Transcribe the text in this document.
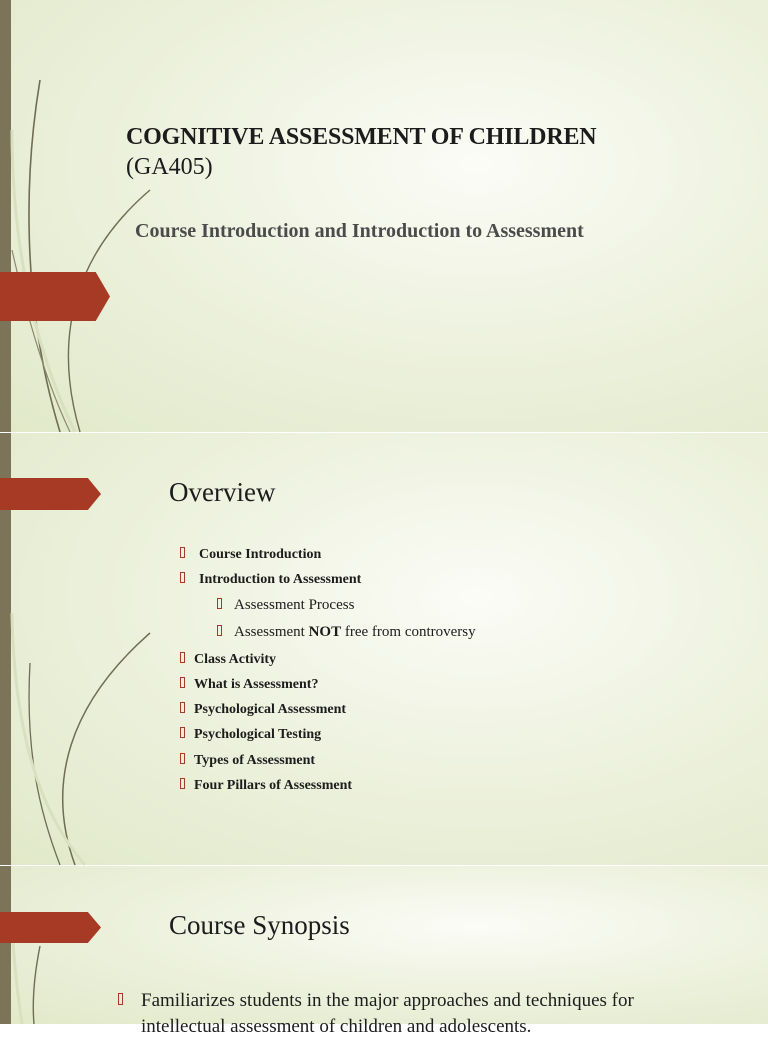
COGNITIVE ASSESSMENT OF CHILDREN
(GA405)
Course Introduction and Introduction to Assessment
Overview
Course Introduction
Introduction to Assessment
Assessment Process
Assessment NOT free from controversy
Class Activity
What is Assessment?
Psychological Assessment
Psychological Testing
Types of Assessment
Four Pillars of Assessment
Course Synopsis
Familiarizes students in the major approaches and techniques for intellectual assessment of children and adolescents.
